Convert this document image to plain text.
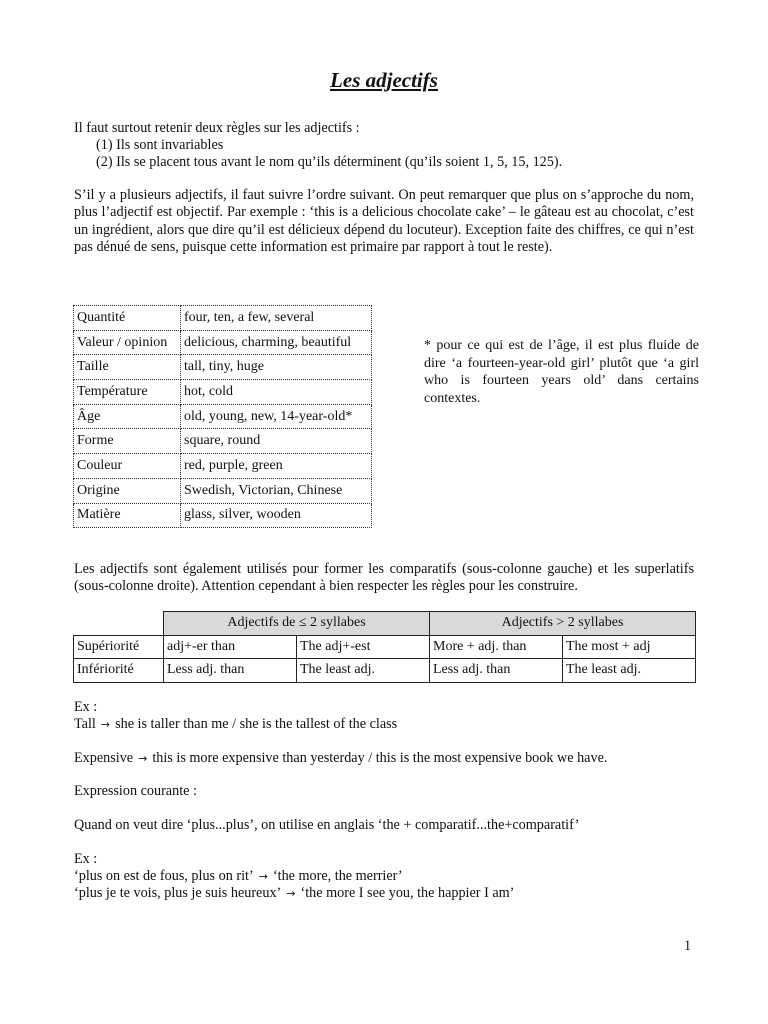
Les adjectifs
Il faut surtout retenir deux règles sur les adjectifs :
(1) Ils sont invariables
(2) Ils se placent tous avant le nom qu’ils déterminent (qu’ils soient 1, 5, 15, 125).
S’il y a plusieurs adjectifs, il faut suivre l’ordre suivant. On peut remarquer que plus on s’approche du nom, plus l’adjectif est objectif. Par exemple : ‘this is a delicious chocolate cake’ – le gâteau est au chocolat, c’est un ingrédient, alors que dire qu’il est délicieux dépend du locuteur). Exception faite des chiffres, ce qui n’est pas dénué de sens, puisque cette information est primaire par rapport à tout le reste).
Quantité	four, ten, a few, several
Valeur / opinion	delicious, charming, beautiful
Taille	tall, tiny, huge
Température	hot, cold
Âge	old, young, new, 14-year-old*
Forme	square, round
Couleur	red, purple, green
Origine	Swedish, Victorian, Chinese
Matière	glass, silver, wooden
* pour ce qui est de l’âge, il est plus fluide de dire ‘a fourteen-year-old girl’ plutôt que ‘a girl who is fourteen years old’ dans certains contextes.
Les adjectifs sont également utilisés pour former les comparatifs (sous-colonne gauche) et les superlatifs (sous-colonne droite). Attention cependant à bien respecter les règles pour les construire.
	Adjectifs de ≤ 2 syllabes		Adjectifs > 2 syllabes	
Supériorité	adj+-er than	The adj+-est	More + adj. than	The most + adj
Infériorité	Less adj. than	The least adj.	Less adj. than	The least adj.
Ex :
Tall → she is taller than me / she is the tallest of the class
Expensive → this is more expensive than yesterday / this is the most expensive book we have.
Expression courante :
Quand on veut dire ‘plus...plus’, on utilise en anglais ‘the + comparatif...the+comparatif’
Ex :
‘plus on est de fous, plus on rit’ → ‘the more, the merrier’
‘plus je te vois, plus je suis heureux’ → ‘the more I see you, the happier I am’
1
